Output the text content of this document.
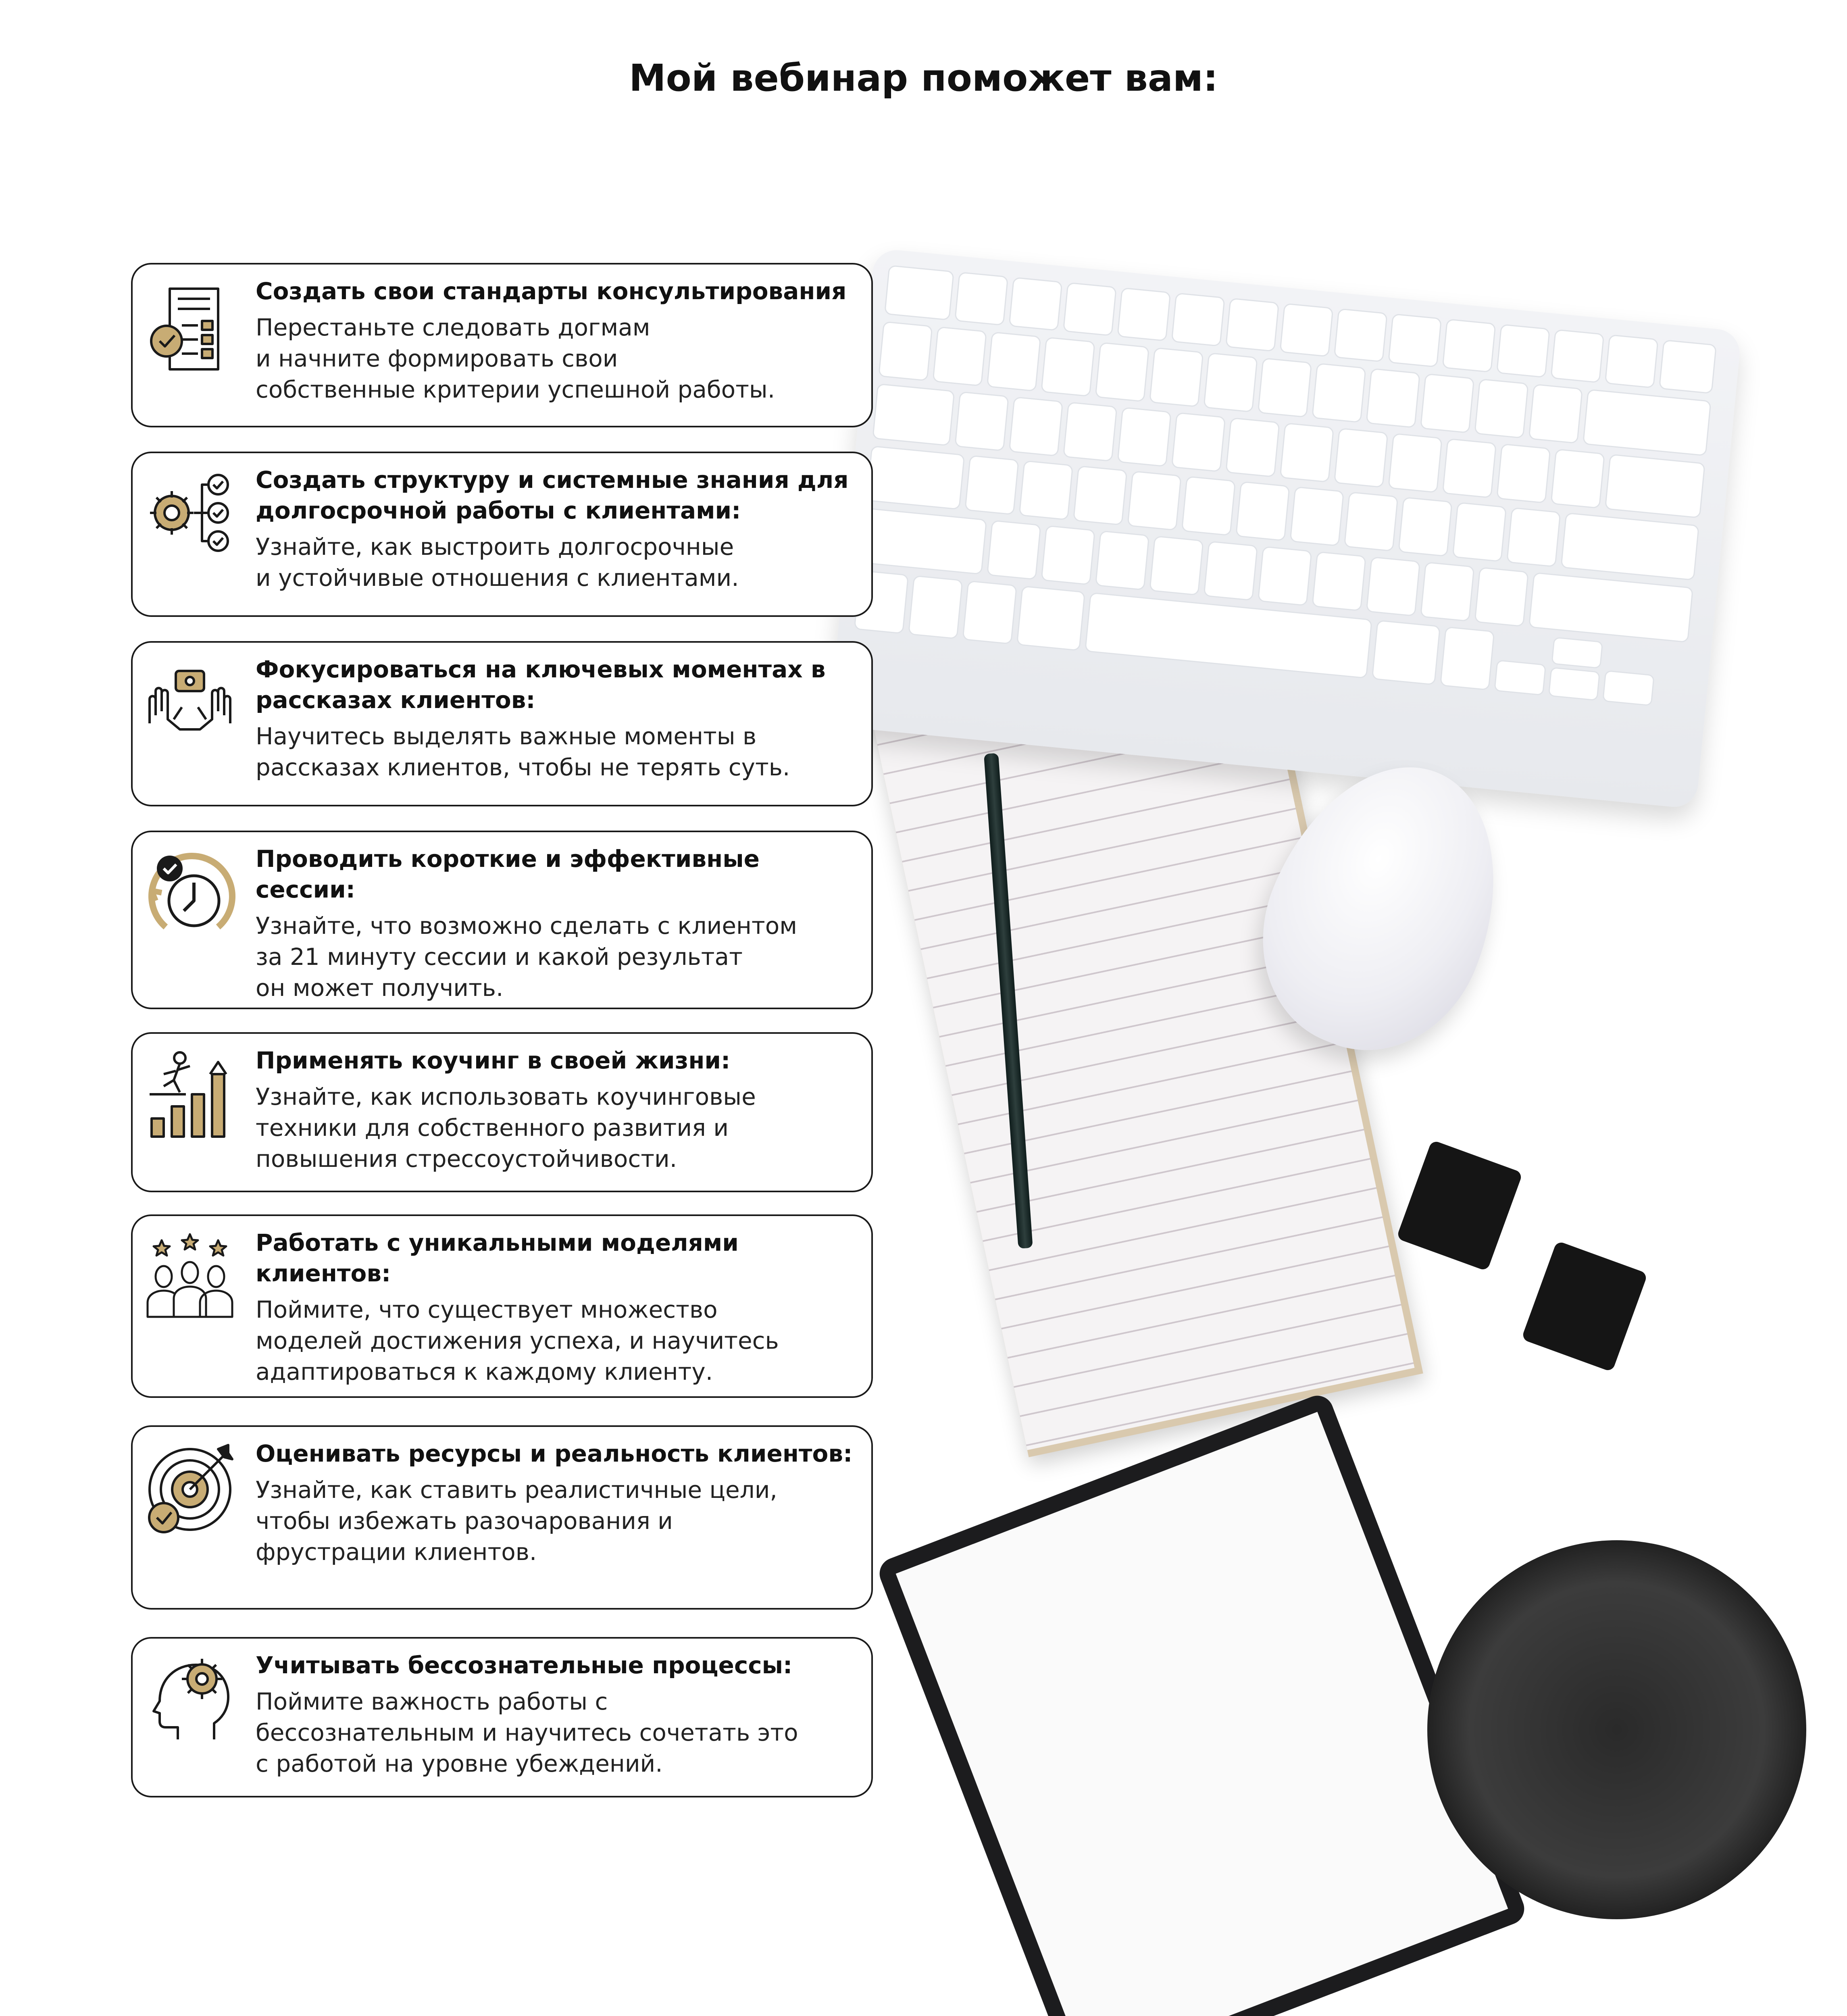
Мой вебинар поможет вам:

Создать свои стандарты консультирования

Перестаньте следовать догмам
и начните формировать свои
собственные критерии успешной работы.

Создать структуру и системные знания для долгосрочной работы с клиентами:

Узнайте, как выстроить долгосрочные
и устойчивые отношения с клиентами.

Фокусироваться на ключевых моментах в рассказах клиентов:

Научитесь выделять важные моменты в
рассказах клиентов, чтобы не терять суть.

Проводить короткие и эффективные сессии:

Узнайте, что возможно сделать с клиентом
за 21 минуту сессии и какой результат
он может получить.

Применять коучинг в своей жизни:

Узнайте, как использовать коучинговые
техники для собственного развития и
повышения стрессоустойчивости.

Работать с уникальными моделями клиентов:

Поймите, что существует множество
моделей достижения успеха, и научитесь
адаптироваться к каждому клиенту.

Оценивать ресурсы и реальность клиентов:

Узнайте, как ставить реалистичные цели,
чтобы избежать разочарования и
фрустрации клиентов.

Учитывать бессознательные процессы:

Поймите важность работы с
бессознательным и научитесь сочетать это
с работой на уровне убеждений.
